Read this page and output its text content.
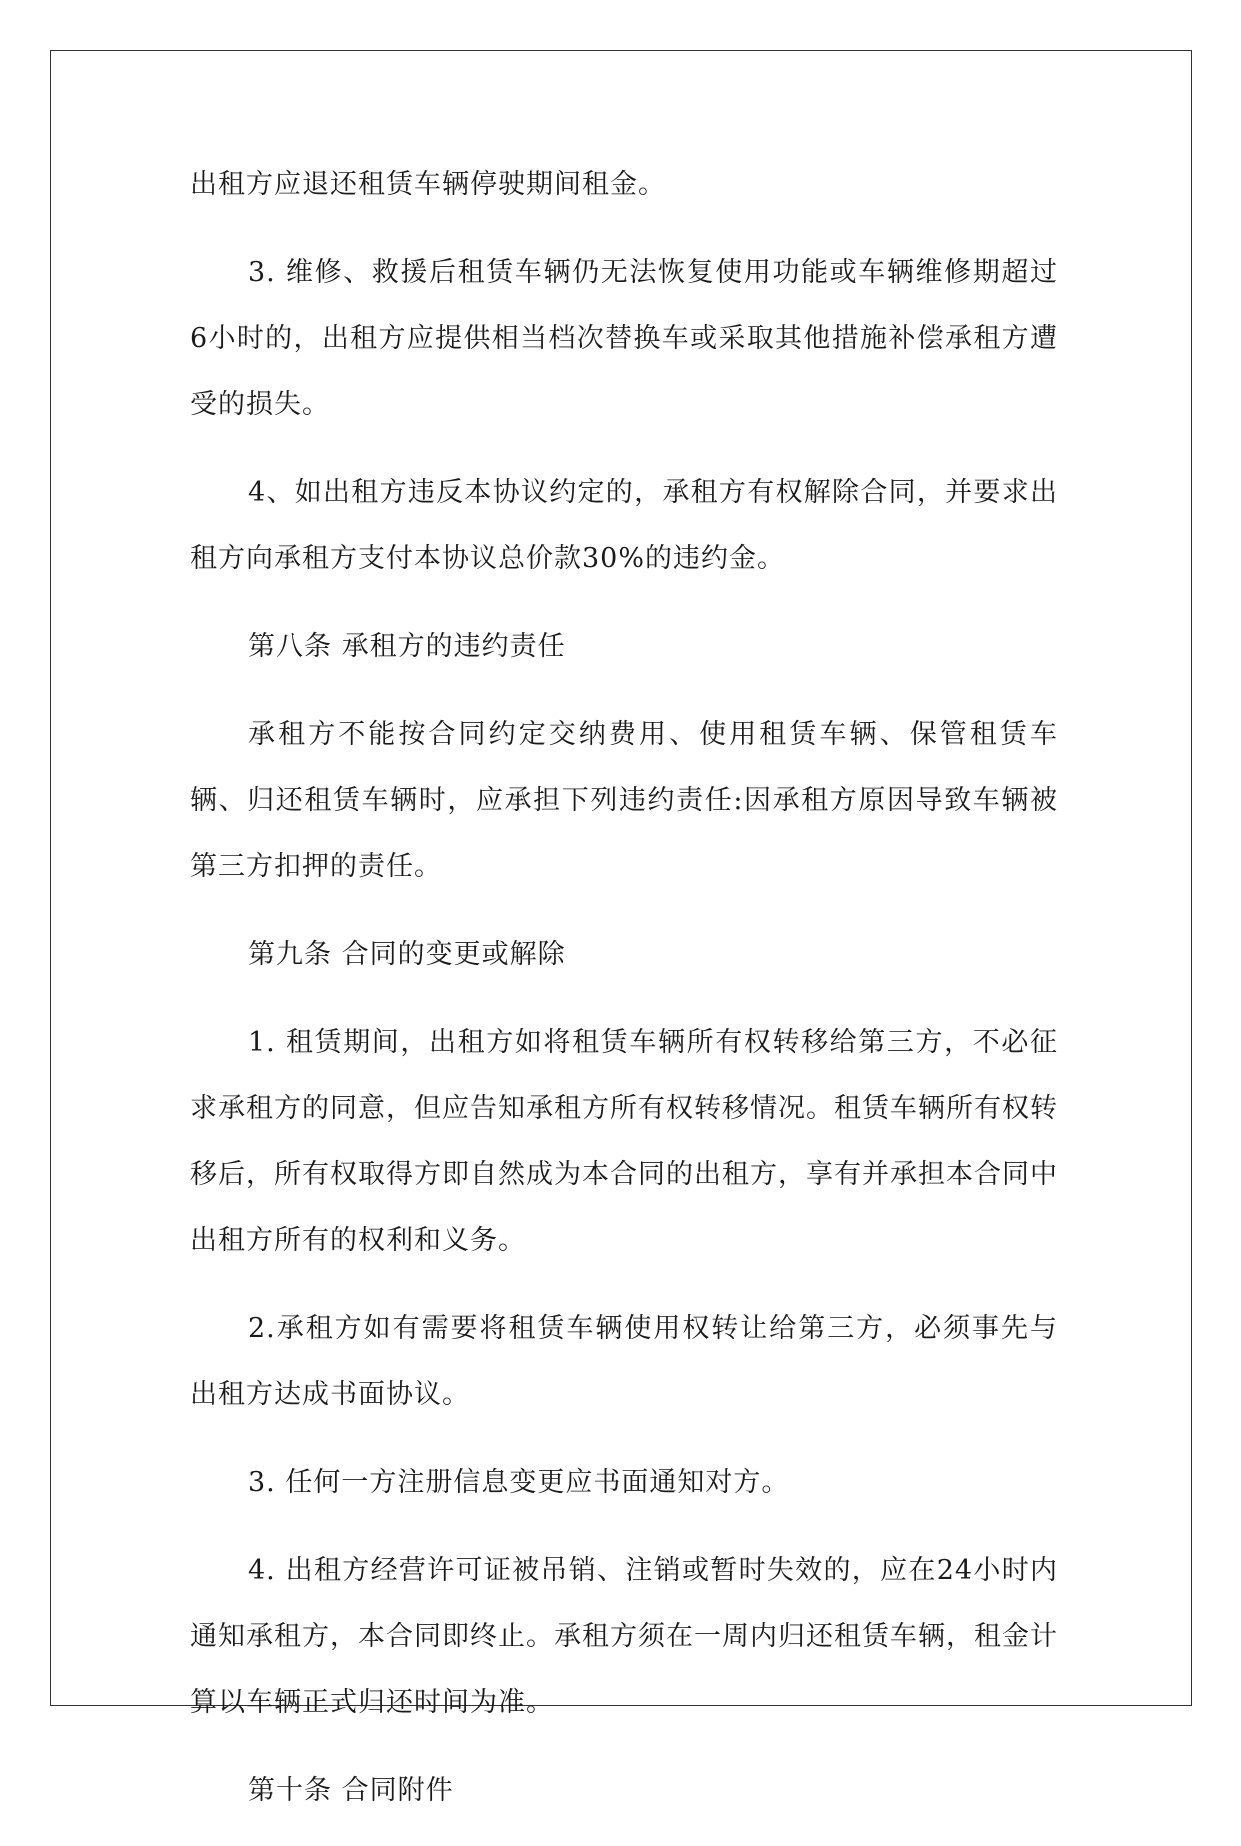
出租方应退还租赁车辆停驶期间租金。

3. 维修、救援后租赁车辆仍无法恢复使用功能或车辆维修期超过6小时的，出租方应提供相当档次替换车或采取其他措施补偿承租方遭受的损失。

4、如出租方违反本协议约定的，承租方有权解除合同，并要求出租方向承租方支付本协议总价款30%的违约金。

第八条 承租方的违约责任

承租方不能按合同约定交纳费用、使用租赁车辆、保管租赁车辆、归还租赁车辆时，应承担下列违约责任:因承租方原因导致车辆被第三方扣押的责任。

第九条 合同的变更或解除

1. 租赁期间，出租方如将租赁车辆所有权转移给第三方，不必征求承租方的同意，但应告知承租方所有权转移情况。租赁车辆所有权转移后，所有权取得方即自然成为本合同的出租方，享有并承担本合同中出租方所有的权利和义务。

2.承租方如有需要将租赁车辆使用权转让给第三方，必须事先与出租方达成书面协议。

3. 任何一方注册信息变更应书面通知对方。

4. 出租方经营许可证被吊销、注销或暂时失效的，应在24小时内通知承租方，本合同即终止。承租方须在一周内归还租赁车辆，租金计算以车辆正式归还时间为准。

第十条 合同附件
